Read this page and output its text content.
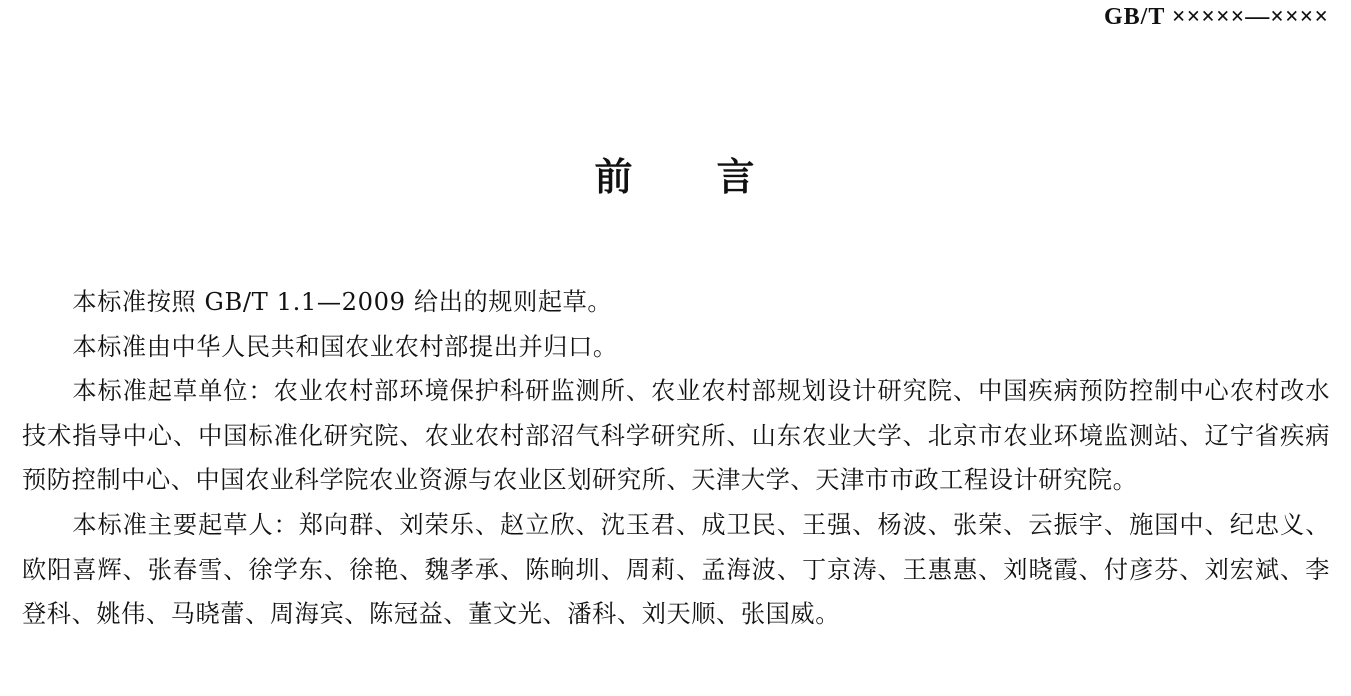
GB/T ×××××—××××
前 言

本标准按照 GB/T 1.1—2009 给出的规则起草。

本标准由中华人民共和国农业农村部提出并归口。

本标准起草单位：农业农村部环境保护科研监测所、农业农村部规划设计研究院、中国疾病预防控制中心农村改水技术指导中心、中国标准化研究院、农业农村部沼气科学研究所、山东农业大学、北京市农业环境监测站、辽宁省疾病预防控制中心、中国农业科学院农业资源与农业区划研究所、天津大学、天津市市政工程设计研究院。

本标准主要起草人：郑向群、刘荣乐、赵立欣、沈玉君、成卫民、王强、杨波、张荣、云振宇、施国中、纪忠义、欧阳喜辉、张春雪、徐学东、徐艳、魏孝承、陈晌圳、周莉、孟海波、丁京涛、王惠惠、刘晓霞、付彦芬、刘宏斌、李登科、姚伟、马晓蕾、周海宾、陈冠益、董文光、潘科、刘天顺、张国威。
